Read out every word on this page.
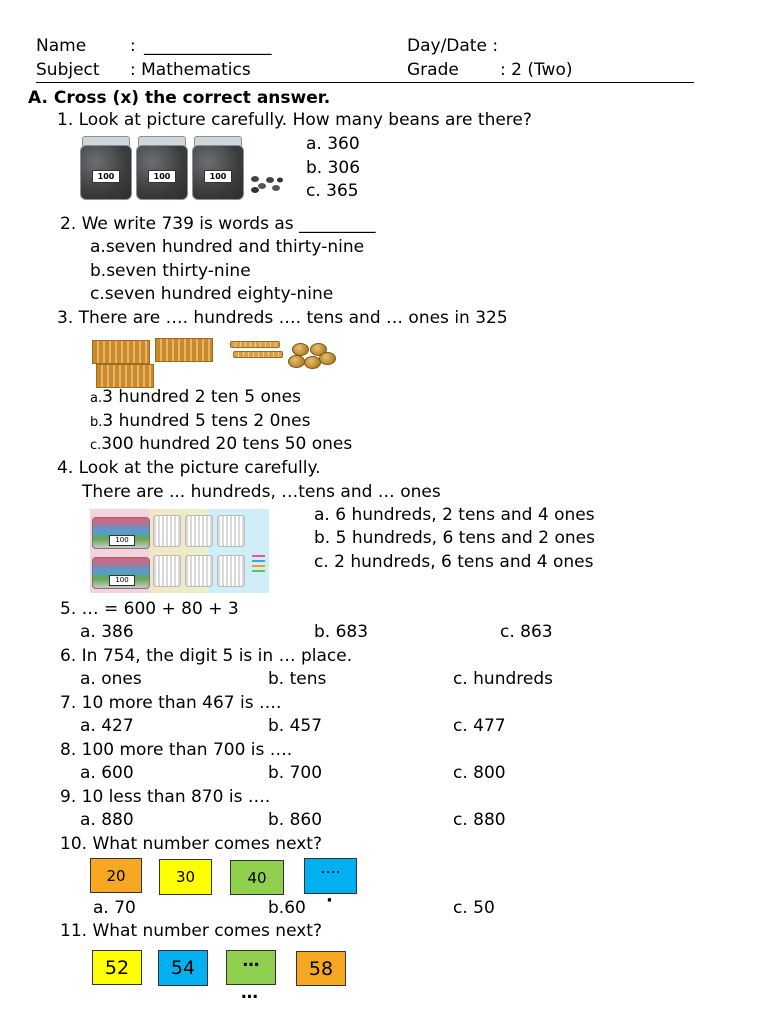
Name	: _______________	Day/Date :
Subject : Mathematics	Grade : 2 (Two)
A. Cross (x) the correct answer.
1. Look at picture carefully. How many beans are there?
100	100	100
a. 360
b. 306
c. 365
2. We write 739 is words as _________
a.seven hundred and thirty-nine
b.seven thirty-nine
c.seven hundred eighty-nine
3. There are …. hundreds …. tens and … ones in 325
a.3 hundred 2 ten 5 ones
b.3 hundred 5 tens 2 0nes
c.300 hundred 20 tens 50 ones
4. Look at the picture carefully.
There are ... hundreds, …tens and … ones
100
100
a. 6 hundreds, 2 tens and 4 ones
b. 5 hundreds, 6 tens and 2 ones
c. 2 hundreds, 6 tens and 4 ones
5. … = 600 + 80 + 3
a. 386	b. 683	c. 863
6. In 754, the digit 5 is in … place.
a. ones	b. tens	c. hundreds
7. 10 more than 467 is ….
a. 427	b. 457	c. 477
8. 100 more than 700 is ….
a. 600	b. 700	c. 800
9. 10 less than 870 is ….
a. 880	b. 860	c. 880
10. What number comes next?
20	30	40
….
·
a. 70	b.60	c. 50
11. What number comes next?
52	54	…	58
…
